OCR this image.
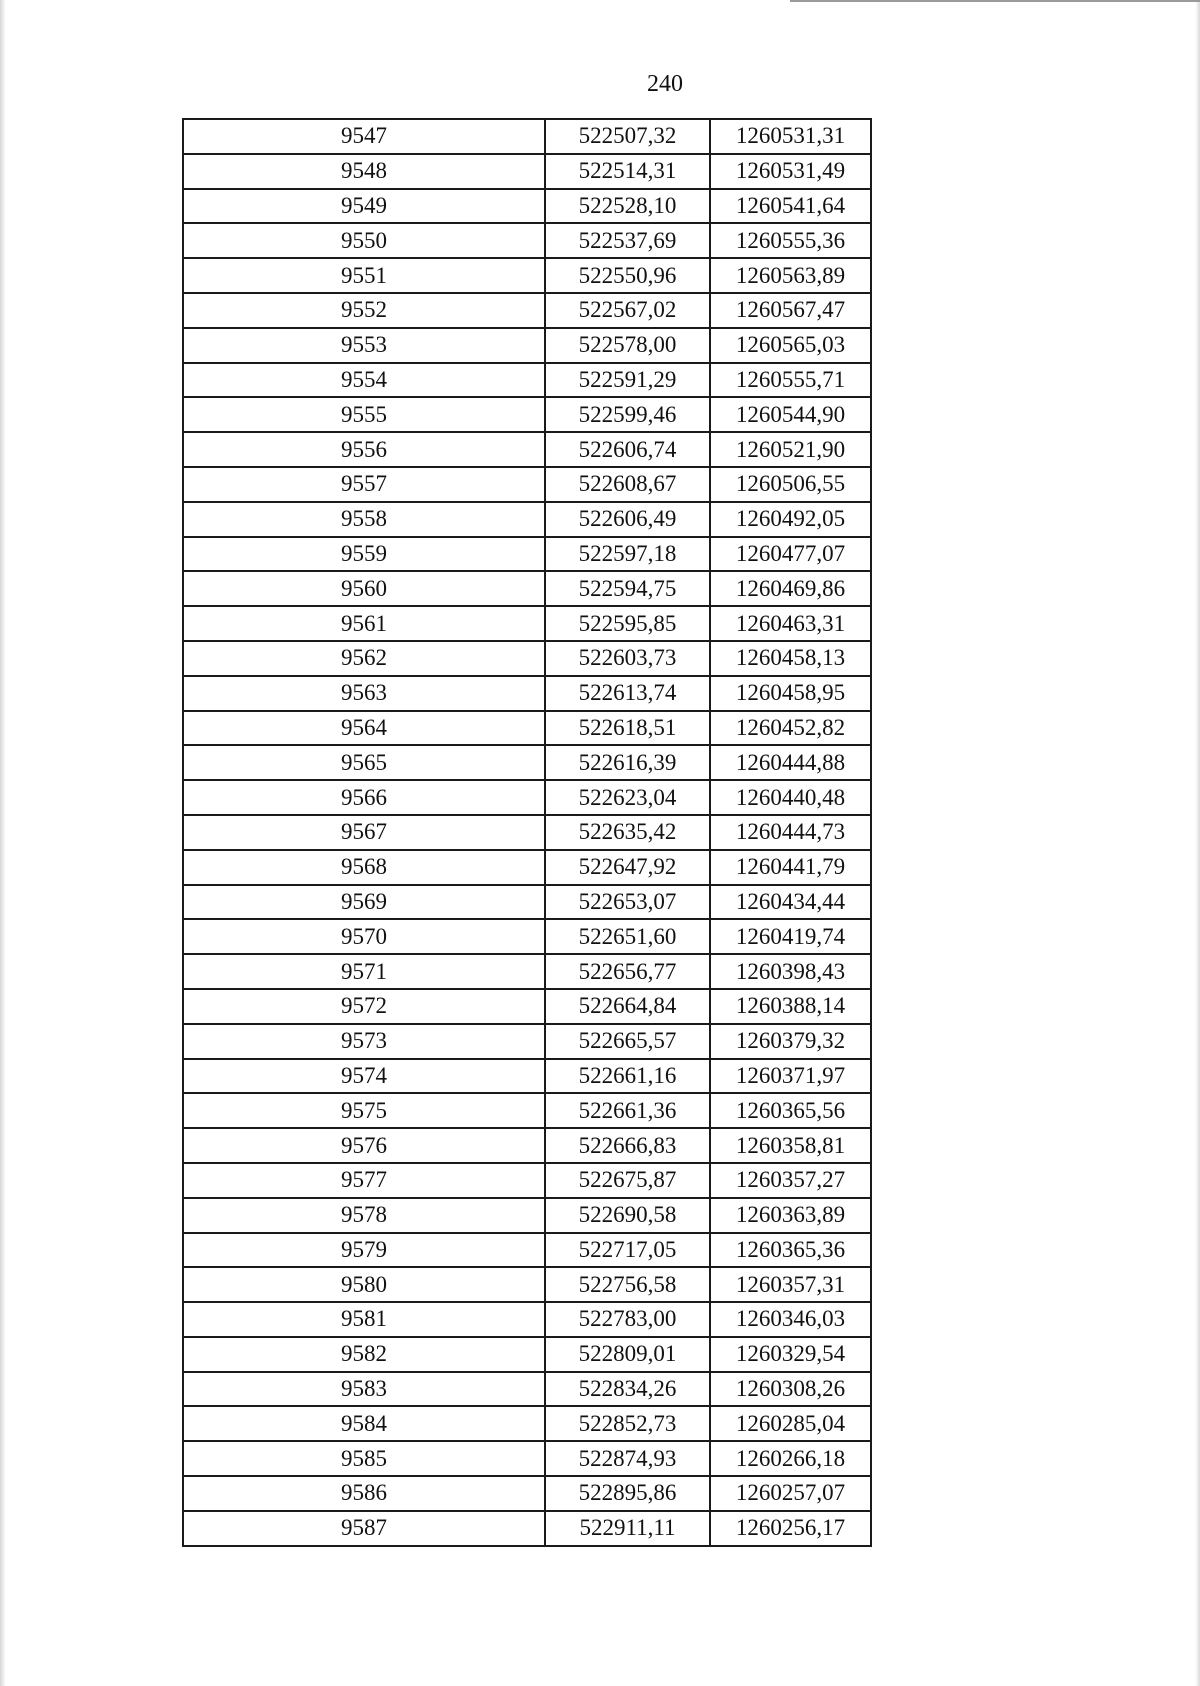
240
9547	522507,32	1260531,31
9548	522514,31	1260531,49
9549	522528,10	1260541,64
9550	522537,69	1260555,36
9551	522550,96	1260563,89
9552	522567,02	1260567,47
9553	522578,00	1260565,03
9554	522591,29	1260555,71
9555	522599,46	1260544,90
9556	522606,74	1260521,90
9557	522608,67	1260506,55
9558	522606,49	1260492,05
9559	522597,18	1260477,07
9560	522594,75	1260469,86
9561	522595,85	1260463,31
9562	522603,73	1260458,13
9563	522613,74	1260458,95
9564	522618,51	1260452,82
9565	522616,39	1260444,88
9566	522623,04	1260440,48
9567	522635,42	1260444,73
9568	522647,92	1260441,79
9569	522653,07	1260434,44
9570	522651,60	1260419,74
9571	522656,77	1260398,43
9572	522664,84	1260388,14
9573	522665,57	1260379,32
9574	522661,16	1260371,97
9575	522661,36	1260365,56
9576	522666,83	1260358,81
9577	522675,87	1260357,27
9578	522690,58	1260363,89
9579	522717,05	1260365,36
9580	522756,58	1260357,31
9581	522783,00	1260346,03
9582	522809,01	1260329,54
9583	522834,26	1260308,26
9584	522852,73	1260285,04
9585	522874,93	1260266,18
9586	522895,86	1260257,07
9587	522911,11	1260256,17
